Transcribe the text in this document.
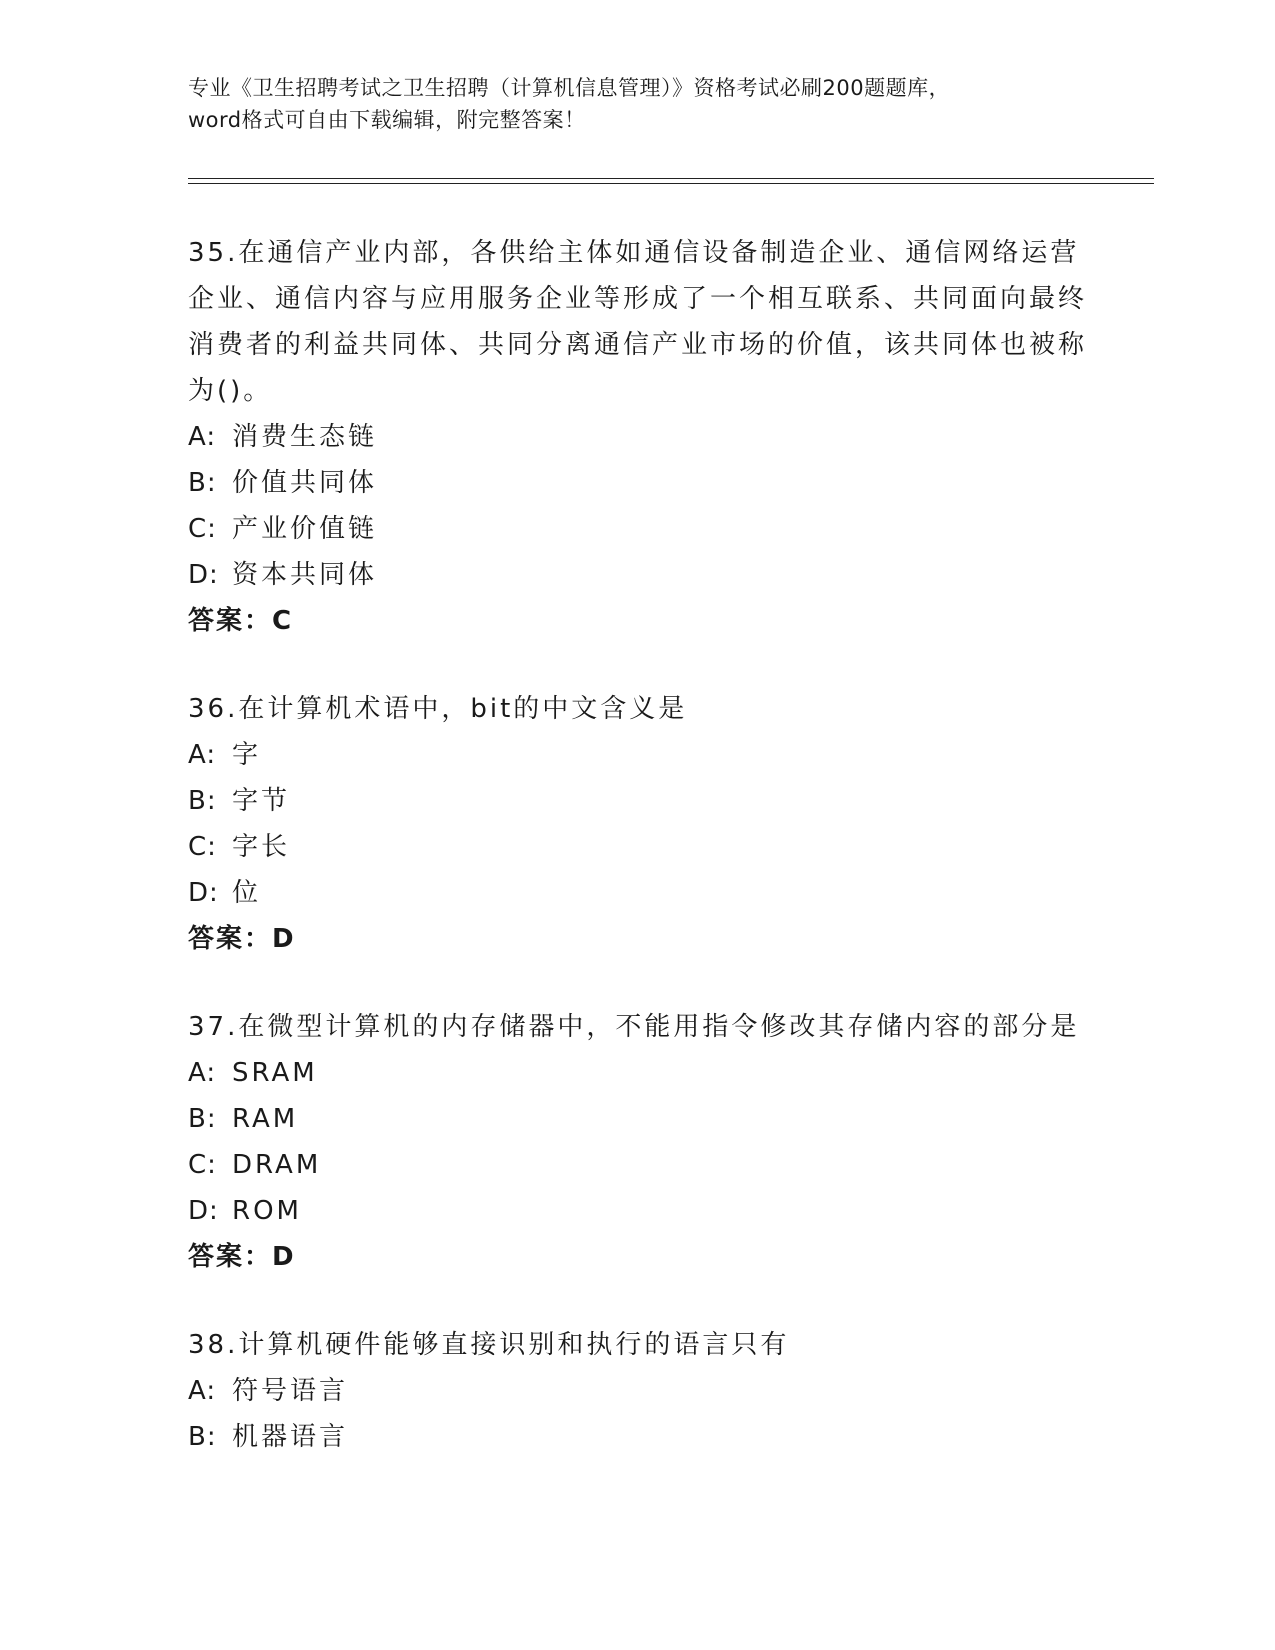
专业《卫生招聘考试之卫生招聘（计算机信息管理）》资格考试必刷200题题库，
word格式可自由下载编辑，附完整答案！

35.在通信产业内部，各供给主体如通信设备制造企业、通信网络运营企业、通信内容与应用服务企业等形成了一个相互联系、共同面向最终消费者的利益共同体、共同分离通信产业市场的价值，该共同体也被称为()。

A: 消费生态链

B: 价值共同体

C: 产业价值链

D: 资本共同体

答案：C

36.在计算机术语中，bit的中文含义是

A: 字

B: 字节

C: 字长

D: 位

答案：D

37.在微型计算机的内存储器中，不能用指令修改其存储内容的部分是

A: SRAM

B: RAM

C: DRAM

D: ROM

答案：D

38.计算机硬件能够直接识别和执行的语言只有

A: 符号语言

B: 机器语言
